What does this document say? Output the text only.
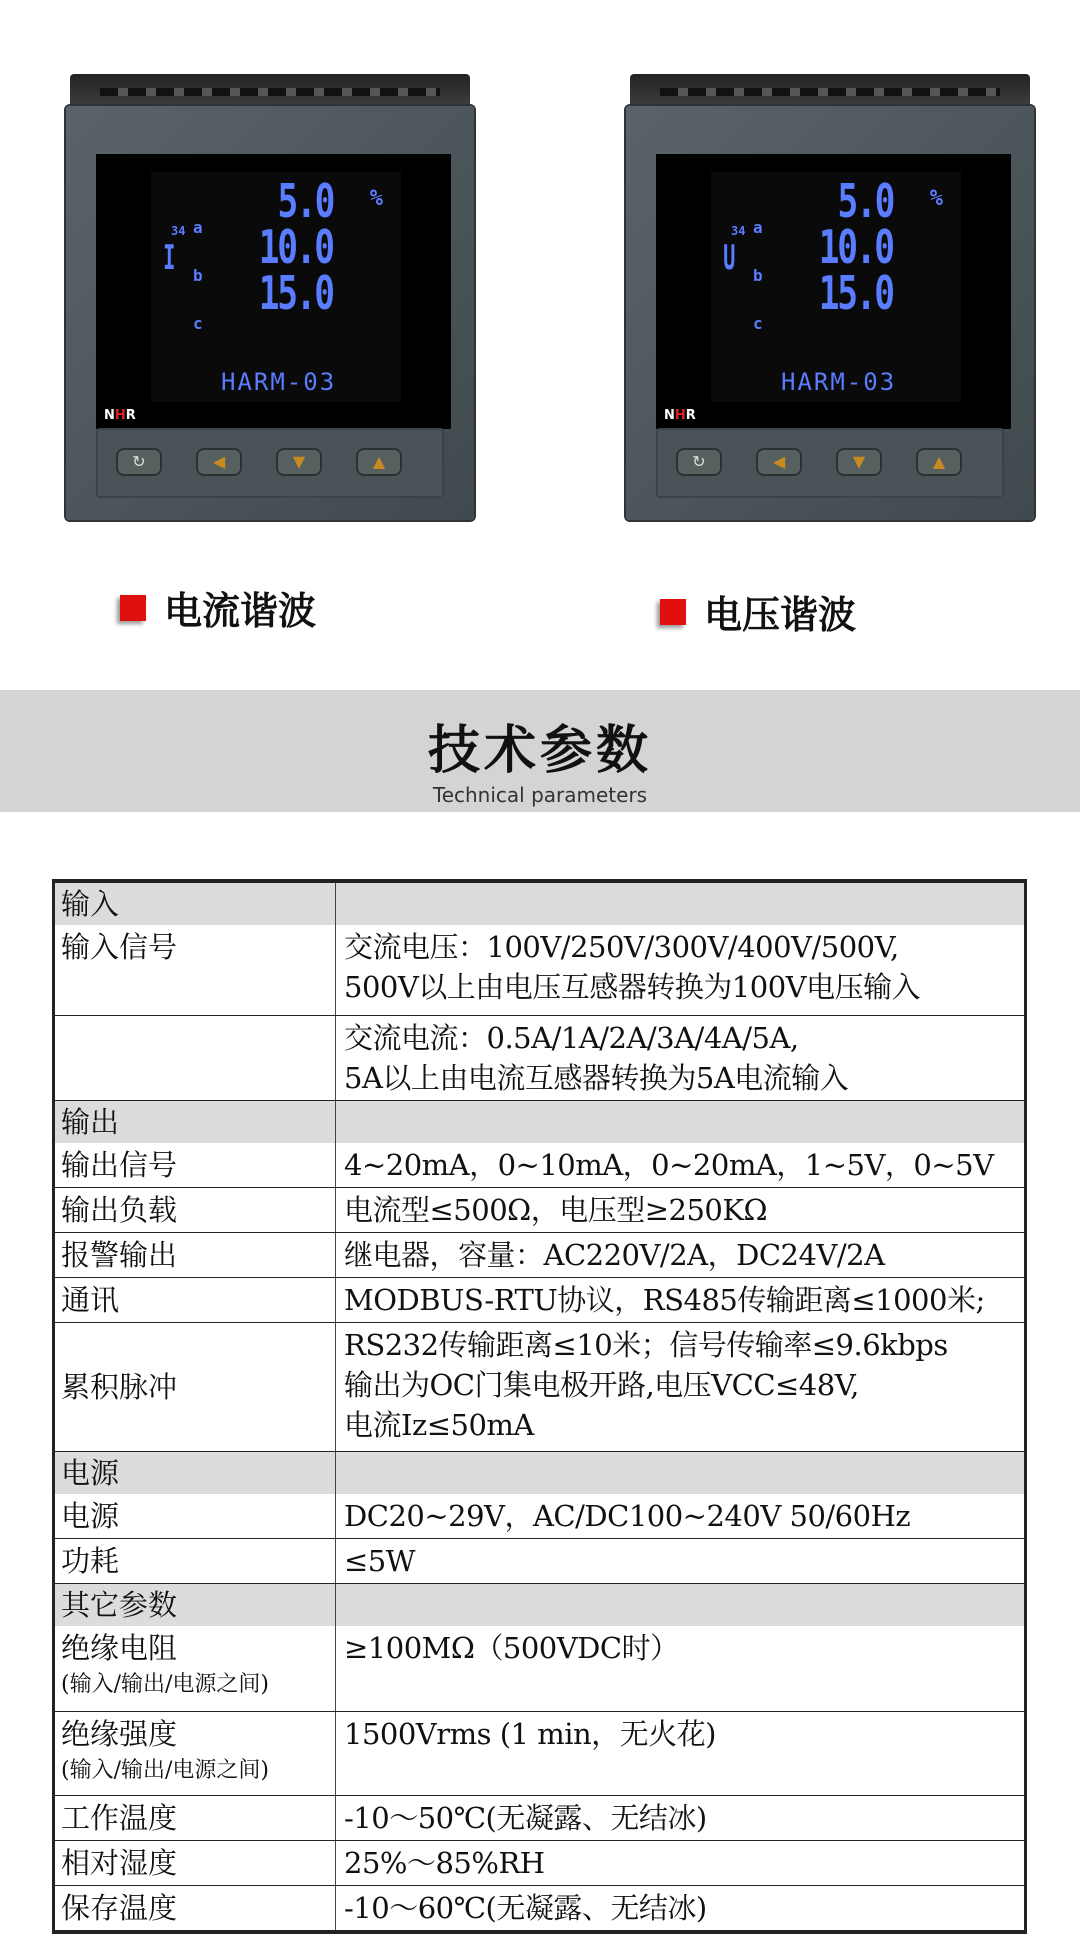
34
I
a 5.0
b
10.0
c
15.0
%
HARM-03
NHR
↻	◀	▼	▲
电流谐波
34
U
a 5.0
b
10.0
c
15.0
%
HARM-03
NHR
↻	◀	▼	▲
电压谐波
技术参数

Technical parameters

输入	
输入信号	交流电压：100V/250V/300V/400V/500V,
500V以上由电压互感器转换为100V电压输入

	交流电流：0.5A/1A/2A/3A/4A/5A,
5A以上由电流互感器转换为5A电流输入

输出	
输出信号	4~20mA，0~10mA，0~20mA，1~5V，0~5V

输出负载	电流型≤500Ω，电压型≥250KΩ

报警输出	继电器，容量：AC220V/2A，DC24V/2A

通讯	MODBUS-RTU协议，RS485传输距离≤1000米;

累积脉冲	RS232传输距离≤10米；信号传输率≤9.6kbps
输出为OC门集电极开路,电压VCC≤48V,
电流Iz≤50mA

电源	
电源	DC20~29V，AC/DC100~240V 50/60Hz

功耗	≤5W

其它参数	
绝缘电阻
(输入/输出/电源之间)	≥100MΩ（500VDC时）

绝缘强度
(输入/输出/电源之间)	1500Vrms (1 min，无火花)

工作温度	-10～50℃(无凝露、无结冰)

相对湿度	25%～85%RH

保存温度	-10～60℃(无凝露、无结冰)
